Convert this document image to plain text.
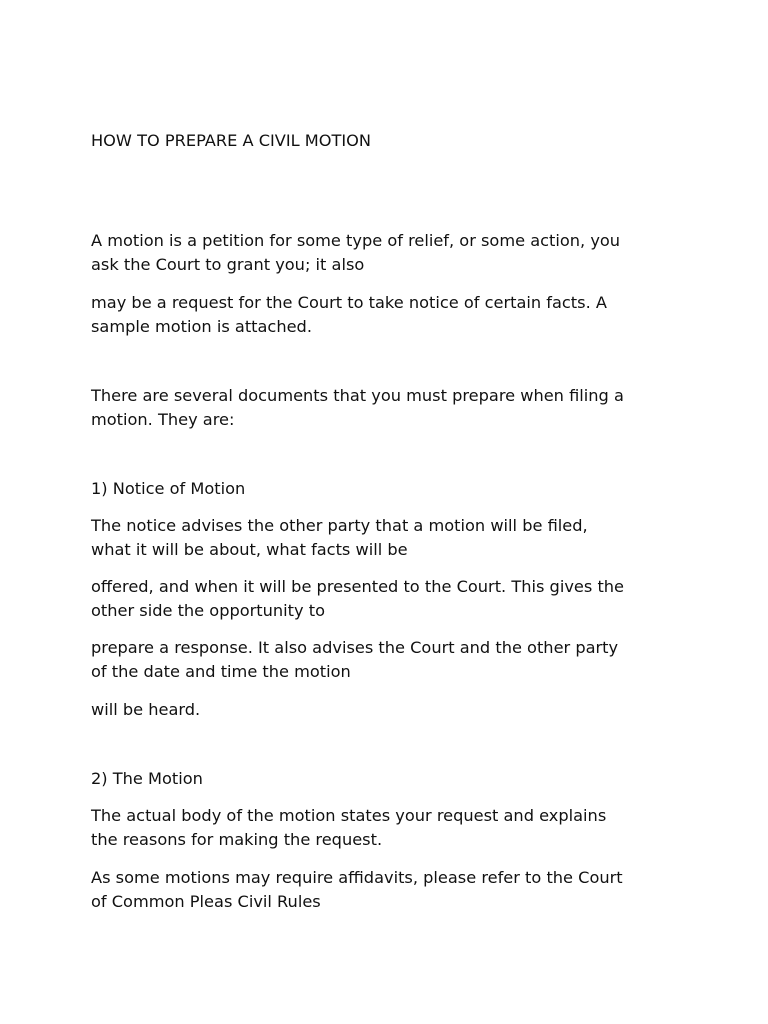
HOW TO PREPARE A CIVIL MOTION

A motion is a petition for some type of relief, or some action, you
ask the Court to grant you; it also

may be a request for the Court to take notice of certain facts. A
sample motion is attached.

There are several documents that you must prepare when filing a
motion. They are:

1) Notice of Motion

The notice advises the other party that a motion will be filed,
what it will be about, what facts will be

offered, and when it will be presented to the Court. This gives the
other side the opportunity to

prepare a response. It also advises the Court and the other party
of the date and time the motion

will be heard.

2) The Motion

The actual body of the motion states your request and explains
the reasons for making the request.

As some motions may require affidavits, please refer to the Court
of Common Pleas Civil Rules
